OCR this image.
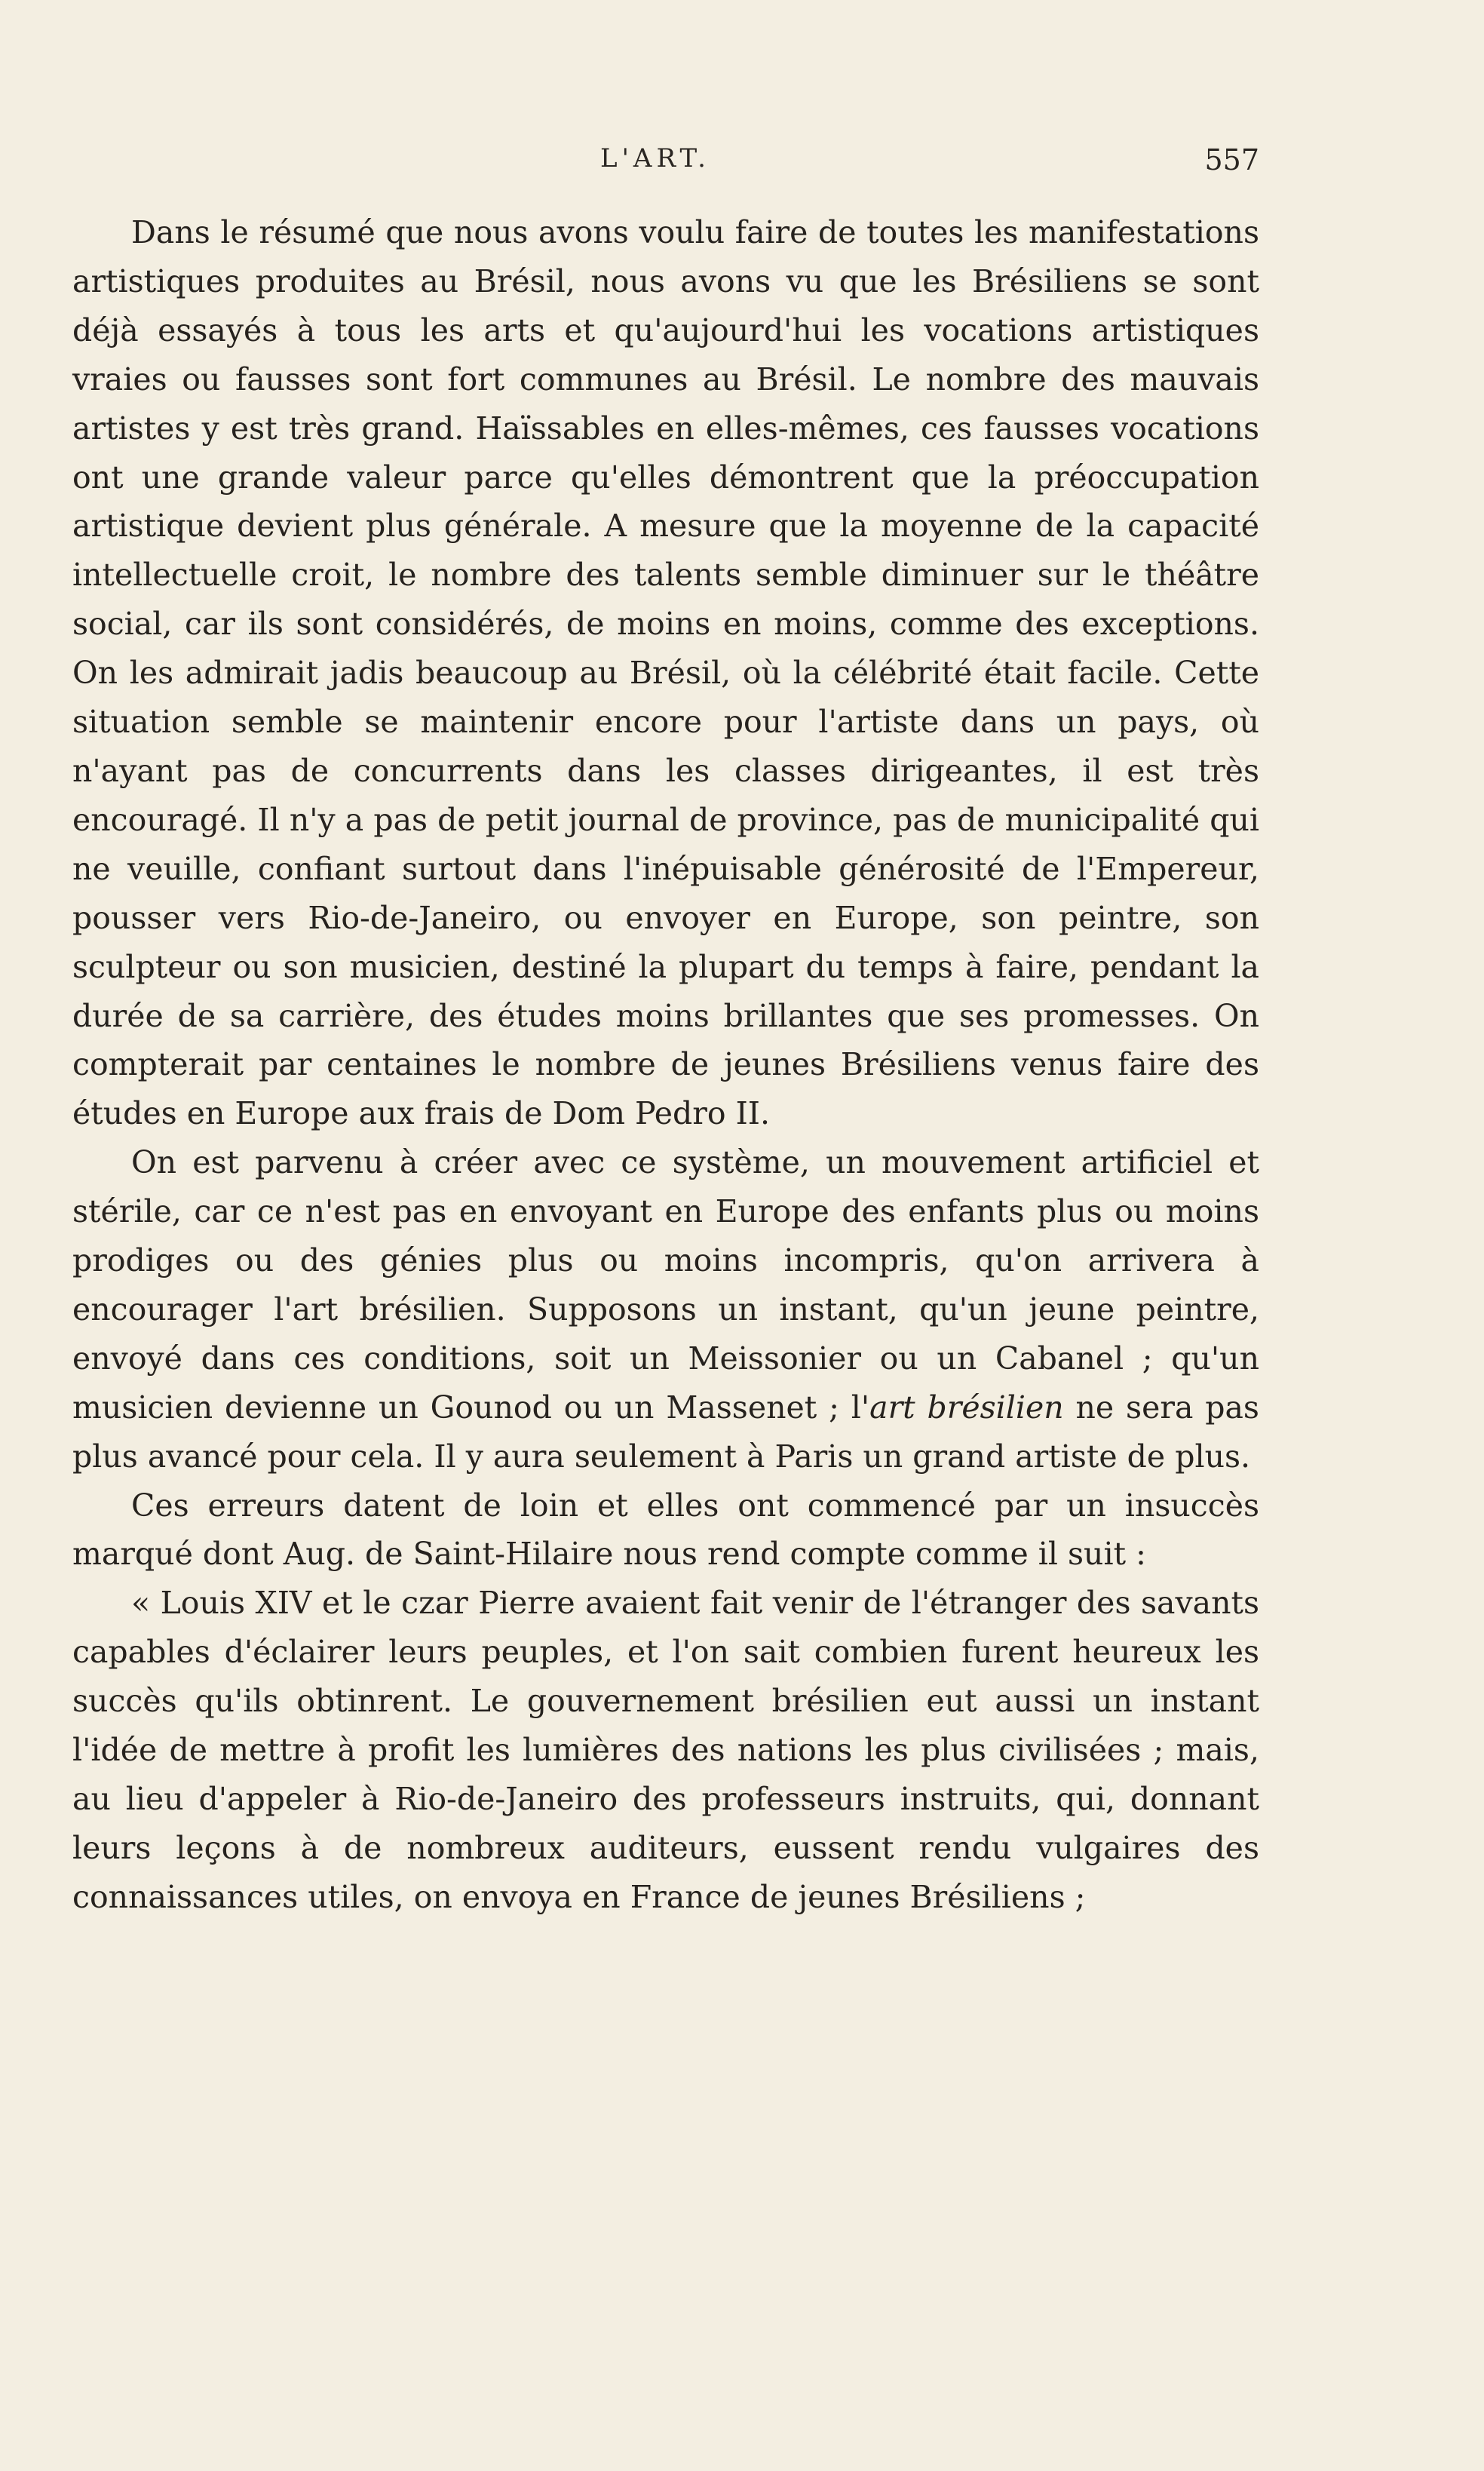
L'ART.	557

Dans le résumé que nous avons voulu faire de toutes les manifestations artistiques produites au Brésil, nous avons vu que les Brésiliens se sont déjà essayés à tous les arts et qu'aujourd'hui les vocations artistiques vraies ou fausses sont fort communes au Brésil. Le nombre des mauvais artistes y est très grand. Haïssables en elles-mêmes, ces fausses vocations ont une grande valeur parce qu'elles démontrent que la préoccupation artistique devient plus générale. A mesure que la moyenne de la capacité intellectuelle croit, le nombre des talents semble diminuer sur le théâtre social, car ils sont considérés, de moins en moins, comme des exceptions. On les admirait jadis beaucoup au Brésil, où la célébrité était facile. Cette situation semble se maintenir encore pour l'artiste dans un pays, où n'ayant pas de concurrents dans les classes dirigeantes, il est très encouragé. Il n'y a pas de petit journal de province, pas de municipalité qui ne veuille, confiant surtout dans l'inépuisable générosité de l'Empereur, pousser vers Rio-de-Janeiro, ou envoyer en Europe, son peintre, son sculpteur ou son musicien, destiné la plupart du temps à faire, pendant la durée de sa carrière, des études moins brillantes que ses promesses. On compterait par centaines le nombre de jeunes Brésiliens venus faire des études en Europe aux frais de Dom Pedro II.

On est parvenu à créer avec ce système, un mouvement artificiel et stérile, car ce n'est pas en envoyant en Europe des enfants plus ou moins prodiges ou des génies plus ou moins incompris, qu'on arrivera à encourager l'art brésilien. Supposons un instant, qu'un jeune peintre, envoyé dans ces conditions, soit un Meissonier ou un Cabanel ; qu'un musicien devienne un Gounod ou un Massenet ; l'art brésilien ne sera pas plus avancé pour cela. Il y aura seulement à Paris un grand artiste de plus.

Ces erreurs datent de loin et elles ont commencé par un insuccès marqué dont Aug. de Saint-Hilaire nous rend compte comme il suit :

« Louis XIV et le czar Pierre avaient fait venir de l'étranger des savants capables d'éclairer leurs peuples, et l'on sait combien furent heureux les succès qu'ils obtinrent. Le gouvernement brésilien eut aussi un instant l'idée de mettre à profit les lumières des nations les plus civilisées ; mais, au lieu d'appeler à Rio-de-Janeiro des professeurs instruits, qui, donnant leurs leçons à de nombreux auditeurs, eussent rendu vulgaires des connaissances utiles, on envoya en France de jeunes Brésiliens ;
